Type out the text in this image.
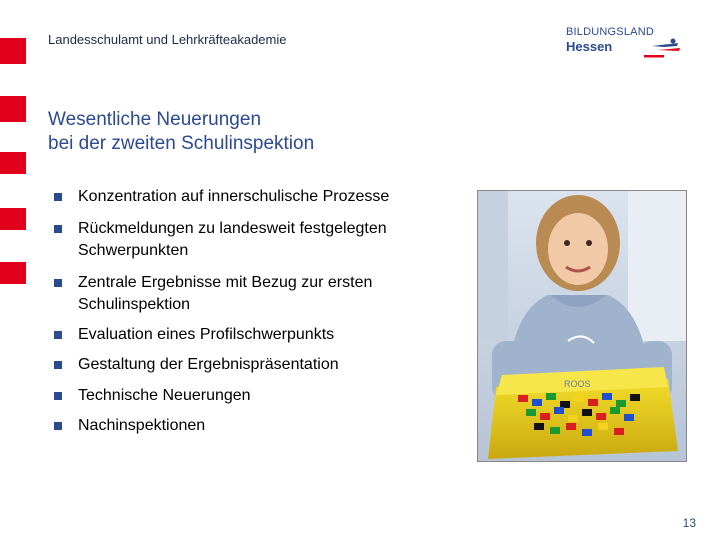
Landesschulamt und Lehrkräfteakademie	BILDUNGSLAND
Hessen
Wesentliche Neuerungen
bei der zweiten Schulinspektion
Konzentration auf innerschulische Prozesse
Rückmeldungen zu landesweit festgelegten Schwerpunkten
Zentrale Ergebnisse mit Bezug zur ersten Schulinspektion
Evaluation eines Profilschwerpunkts
Gestaltung der Ergebnispräsentation
Technische Neuerungen
Nachinspektionen
ROOS
13
